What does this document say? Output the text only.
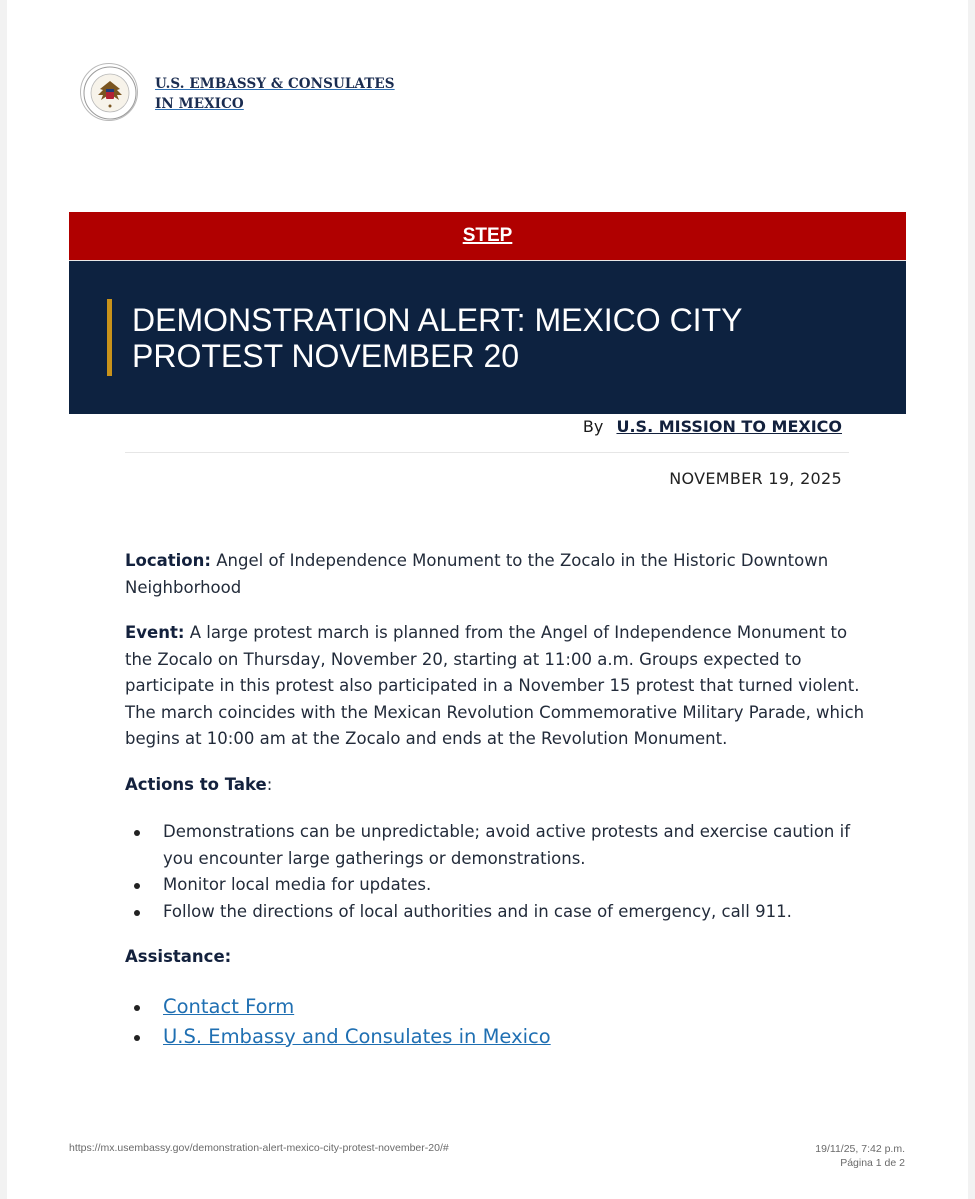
U.S. EMBASSY & CONSULATES
IN MEXICO
STEP
DEMONSTRATION ALERT: MEXICO CITY
PROTEST NOVEMBER 20
By U.S. MISSION TO MEXICO
NOVEMBER 19, 2025

Location: Angel of Independence Monument to the Zocalo in the Historic Downtown Neighborhood

Event: A large protest march is planned from the Angel of Independence Monument to the Zocalo on Thursday, November 20, starting at 11:00 a.m. Groups expected to participate in this protest also participated in a November 15 protest that turned violent. The march coincides with the Mexican Revolution Commemorative Military Parade, which begins at 10:00 am at the Zocalo and ends at the Revolution Monument.

Actions to Take:

Demonstrations can be unpredictable; avoid active protests and exercise caution if you encounter large gatherings or demonstrations.
Monitor local media for updates.
Follow the directions of local authorities and in case of emergency, call 911.

Assistance:

Contact Form
U.S. Embassy and Consulates in Mexico
https://mx.usembassy.gov/demonstration-alert-mexico-city-protest-november-20/#	19/11/25, 7:42 p.m.
Página 1 de 2
